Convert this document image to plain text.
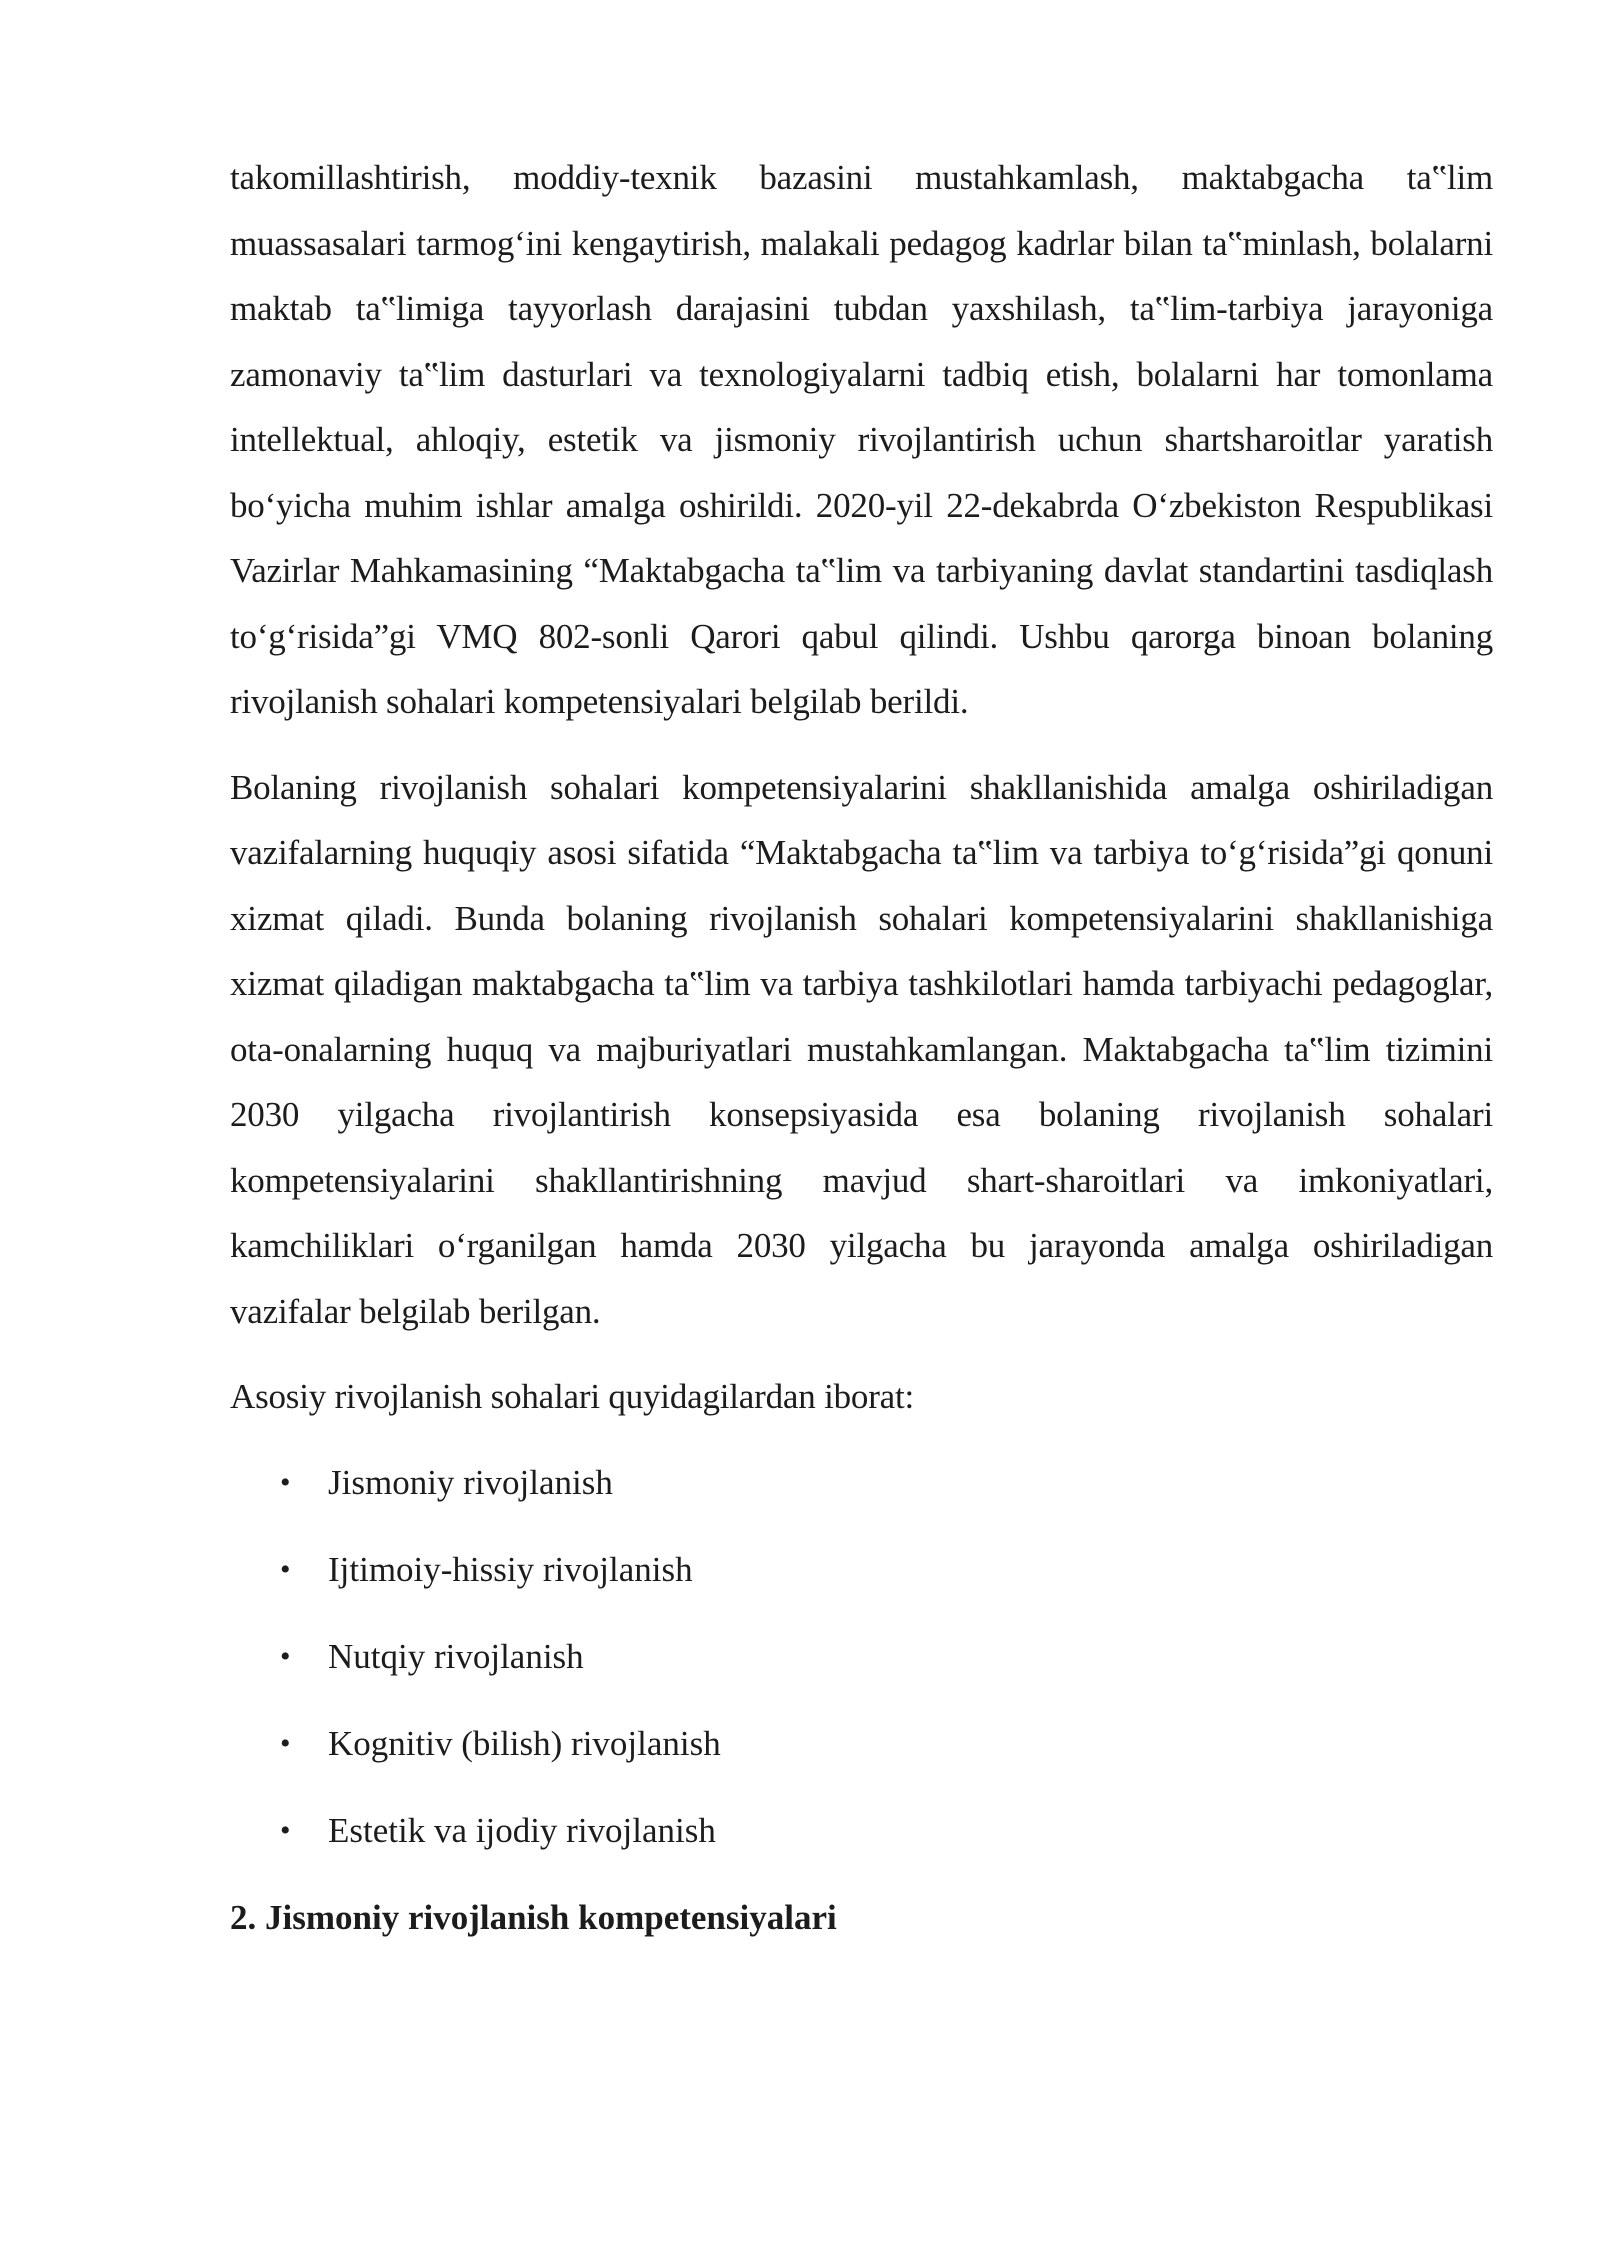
takomillashtirish, moddiy-texnik bazasini mustahkamlash, maktabgacha ta‟lim muassasalari tarmogʻini kengaytirish, malakali pedagog kadrlar bilan ta‟minlash, bolalarni maktab ta‟limiga tayyorlash darajasini tubdan yaxshilash, ta‟lim-tarbiya jarayoniga zamonaviy ta‟lim dasturlari va texnologiyalarni tadbiq etish, bolalarni har tomonlama intellektual, ahloqiy, estetik va jismoniy rivojlantirish uchun shartsharoitlar yaratish boʻyicha muhim ishlar amalga oshirildi. 2020-yil 22-dekabrda Oʻzbekiston Respublikasi Vazirlar Mahkamasining “Maktabgacha ta‟lim va tarbiyaning davlat standartini tasdiqlash toʻgʻrisida”gi VMQ 802-sonli Qarori qabul qilindi. Ushbu qarorga binoan bolaning rivojlanish sohalari kompetensiyalari belgilab berildi.

Bolaning rivojlanish sohalari kompetensiyalarini shakllanishida amalga oshiriladigan vazifalarning huquqiy asosi sifatida “Maktabgacha ta‟lim va tarbiya toʻgʻrisida”gi qonuni xizmat qiladi. Bunda bolaning rivojlanish sohalari kompetensiyalarini shakllanishiga xizmat qiladigan maktabgacha ta‟lim va tarbiya tashkilotlari hamda tarbiyachi pedagoglar, ota-onalarning huquq va majburiyatlari mustahkamlangan. Maktabgacha ta‟lim tizimini 2030 yilgacha rivojlantirish konsepsiyasida esa bolaning rivojlanish sohalari kompetensiyalarini shakllantirishning mavjud shart-sharoitlari va imkoniyatlari, kamchiliklari oʻrganilgan hamda 2030 yilgacha bu jarayonda amalga oshiriladigan vazifalar belgilab berilgan.

Asosiy rivojlanish sohalari quyidagilardan iborat:

• Jismoniy rivojlanish
• Ijtimoiy-hissiy rivojlanish
• Nutqiy rivojlanish
• Kognitiv (bilish) rivojlanish
• Estetik va ijodiy rivojlanish

2. Jismoniy rivojlanish kompetensiyalari
